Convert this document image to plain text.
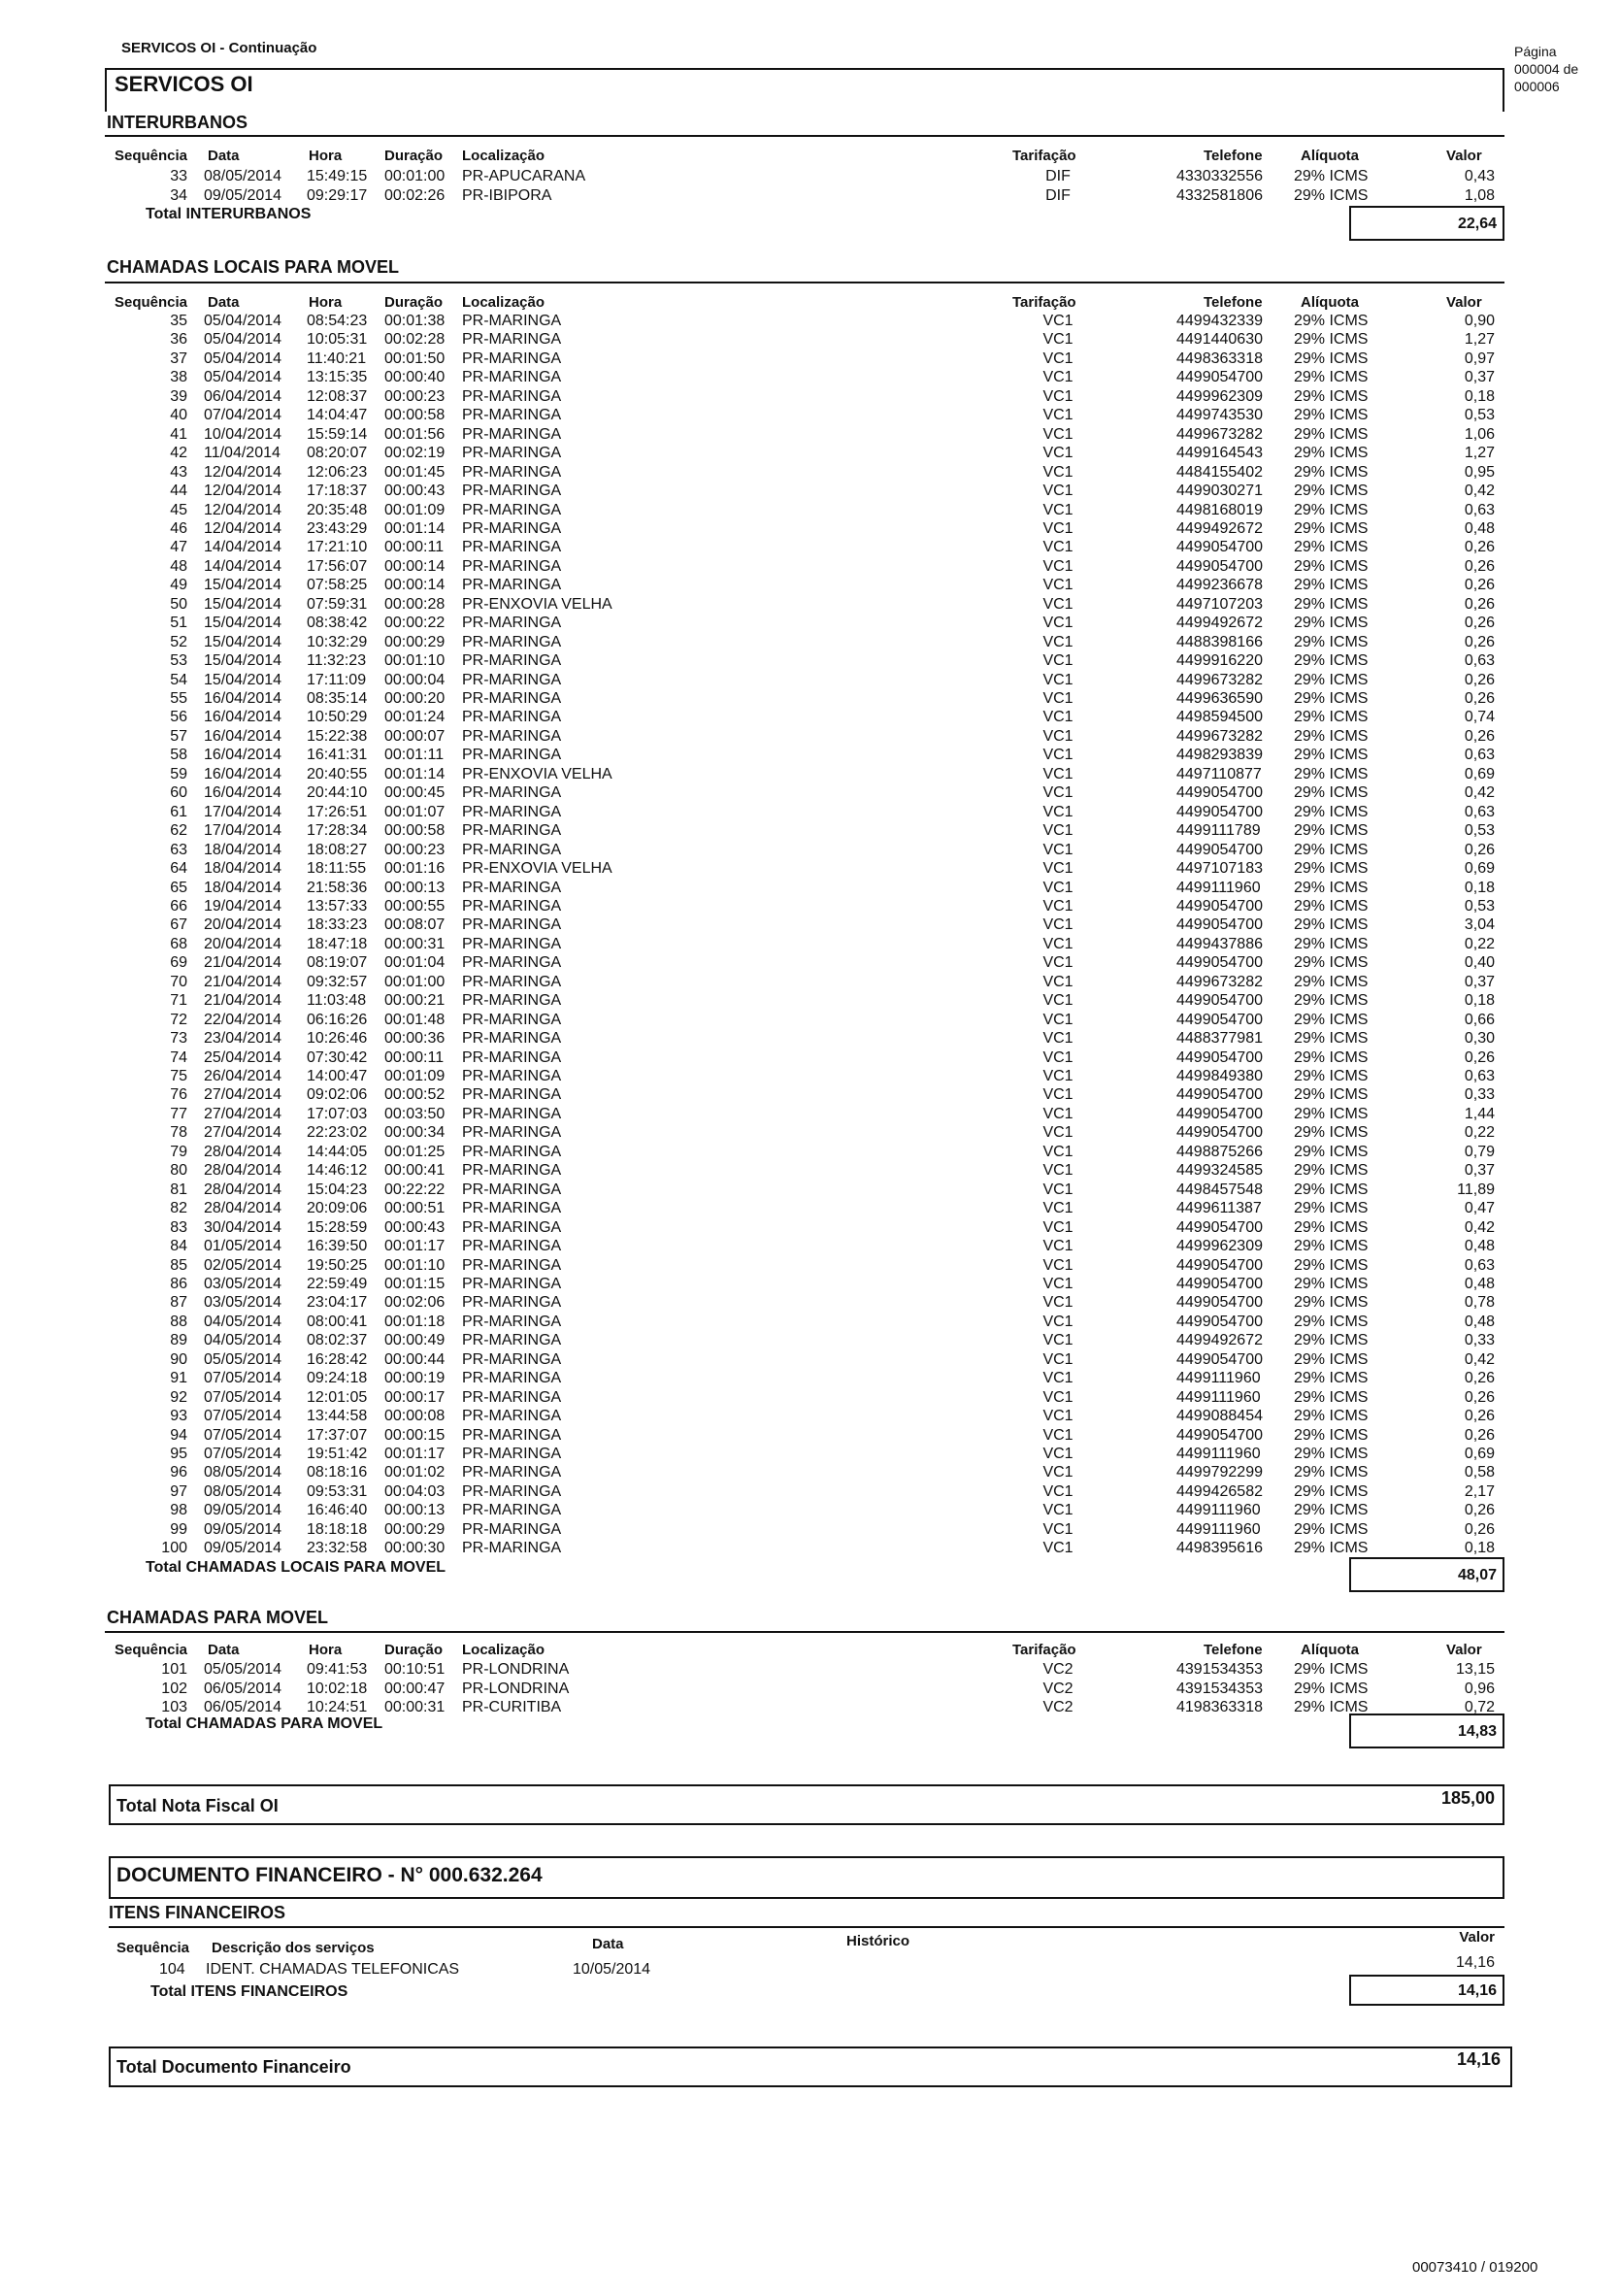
SERVICOS OI - Continuação	Página
000004 de
000006
SERVICOS OI
INTERURBANOS
Sequência Data	Hora	Duração Localização	Tarifação	Telefone	Alíquota	Valor
33 08/05/2014	15:49:15	00:01:00	PR-APUCARANA	DIF	4330332556	29% ICMS	0,43
34 09/05/2014	09:29:17	00:02:26	PR-IBIPORA	DIF	4332581806	29% ICMS	1,08
Total INTERURBANOS
22,64
CHAMADAS LOCAIS PARA MOVEL
Sequência Data	Hora	Duração Localização	Tarifação	Telefone	Alíquota	Valor
35 05/04/2014	08:54:23	00:01:38	PR-MARINGA	VC1	4499432339	29% ICMS	0,90
36 05/04/2014	10:05:31	00:02:28	PR-MARINGA	VC1	4491440630	29% ICMS	1,27
37 05/04/2014	11:40:21	00:01:50	PR-MARINGA	VC1	4498363318	29% ICMS	0,97
38 05/04/2014	13:15:35	00:00:40	PR-MARINGA	VC1	4499054700	29% ICMS	0,37
39 06/04/2014	12:08:37	00:00:23	PR-MARINGA	VC1	4499962309	29% ICMS	0,18
40 07/04/2014	14:04:47	00:00:58	PR-MARINGA	VC1	4499743530	29% ICMS	0,53
41 10/04/2014	15:59:14	00:01:56	PR-MARINGA	VC1	4499673282	29% ICMS	1,06
42 11/04/2014	08:20:07	00:02:19	PR-MARINGA	VC1	4499164543	29% ICMS	1,27
43 12/04/2014	12:06:23	00:01:45	PR-MARINGA	VC1	4484155402	29% ICMS	0,95
44 12/04/2014	17:18:37	00:00:43	PR-MARINGA	VC1	4499030271	29% ICMS	0,42
45 12/04/2014	20:35:48	00:01:09	PR-MARINGA	VC1	4498168019	29% ICMS	0,63
46 12/04/2014	23:43:29	00:01:14	PR-MARINGA	VC1	4499492672	29% ICMS	0,48
47 14/04/2014	17:21:10	00:00:11	PR-MARINGA	VC1	4499054700	29% ICMS	0,26
48 14/04/2014	17:56:07	00:00:14	PR-MARINGA	VC1	4499054700	29% ICMS	0,26
49 15/04/2014	07:58:25	00:00:14	PR-MARINGA	VC1	4499236678	29% ICMS	0,26
50 15/04/2014	07:59:31	00:00:28	PR-ENXOVIA VELHA	VC1	4497107203	29% ICMS	0,26
51 15/04/2014	08:38:42	00:00:22	PR-MARINGA	VC1	4499492672	29% ICMS	0,26
52 15/04/2014	10:32:29	00:00:29	PR-MARINGA	VC1	4488398166	29% ICMS	0,26
53 15/04/2014	11:32:23	00:01:10	PR-MARINGA	VC1	4499916220	29% ICMS	0,63
54 15/04/2014	17:11:09	00:00:04	PR-MARINGA	VC1	4499673282	29% ICMS	0,26
55 16/04/2014	08:35:14	00:00:20	PR-MARINGA	VC1	4499636590	29% ICMS	0,26
56 16/04/2014	10:50:29	00:01:24	PR-MARINGA	VC1	4498594500	29% ICMS	0,74
57 16/04/2014	15:22:38	00:00:07	PR-MARINGA	VC1	4499673282	29% ICMS	0,26
58 16/04/2014	16:41:31	00:01:11	PR-MARINGA	VC1	4498293839	29% ICMS	0,63
59 16/04/2014	20:40:55	00:01:14	PR-ENXOVIA VELHA	VC1	4497110877	29% ICMS	0,69
60 16/04/2014	20:44:10	00:00:45	PR-MARINGA	VC1	4499054700	29% ICMS	0,42
61 17/04/2014	17:26:51	00:01:07	PR-MARINGA	VC1	4499054700	29% ICMS	0,63
62 17/04/2014	17:28:34	00:00:58	PR-MARINGA	VC1	4499111789	29% ICMS	0,53
63 18/04/2014	18:08:27	00:00:23	PR-MARINGA	VC1	4499054700	29% ICMS	0,26
64 18/04/2014	18:11:55	00:01:16	PR-ENXOVIA VELHA	VC1	4497107183	29% ICMS	0,69
65 18/04/2014	21:58:36	00:00:13	PR-MARINGA	VC1	4499111960	29% ICMS	0,18
66 19/04/2014	13:57:33	00:00:55	PR-MARINGA	VC1	4499054700	29% ICMS	0,53
67 20/04/2014	18:33:23	00:08:07	PR-MARINGA	VC1	4499054700	29% ICMS	3,04
68 20/04/2014	18:47:18	00:00:31	PR-MARINGA	VC1	4499437886	29% ICMS	0,22
69 21/04/2014	08:19:07	00:01:04	PR-MARINGA	VC1	4499054700	29% ICMS	0,40
70 21/04/2014	09:32:57	00:01:00	PR-MARINGA	VC1	4499673282	29% ICMS	0,37
71 21/04/2014	11:03:48	00:00:21	PR-MARINGA	VC1	4499054700	29% ICMS	0,18
72 22/04/2014	06:16:26	00:01:48	PR-MARINGA	VC1	4499054700	29% ICMS	0,66
73 23/04/2014	10:26:46	00:00:36	PR-MARINGA	VC1	4488377981	29% ICMS	0,30
74 25/04/2014	07:30:42	00:00:11	PR-MARINGA	VC1	4499054700	29% ICMS	0,26
75 26/04/2014	14:00:47	00:01:09	PR-MARINGA	VC1	4499849380	29% ICMS	0,63
76 27/04/2014	09:02:06	00:00:52	PR-MARINGA	VC1	4499054700	29% ICMS	0,33
77 27/04/2014	17:07:03	00:03:50	PR-MARINGA	VC1	4499054700	29% ICMS	1,44
78 27/04/2014	22:23:02	00:00:34	PR-MARINGA	VC1	4499054700	29% ICMS	0,22
79 28/04/2014	14:44:05	00:01:25	PR-MARINGA	VC1	4498875266	29% ICMS	0,79
80 28/04/2014	14:46:12	00:00:41	PR-MARINGA	VC1	4499324585	29% ICMS	0,37
81 28/04/2014	15:04:23	00:22:22	PR-MARINGA	VC1	4498457548	29% ICMS	11,89
82 28/04/2014	20:09:06	00:00:51	PR-MARINGA	VC1	4499611387	29% ICMS	0,47
83 30/04/2014	15:28:59	00:00:43	PR-MARINGA	VC1	4499054700	29% ICMS	0,42
84 01/05/2014	16:39:50	00:01:17	PR-MARINGA	VC1	4499962309	29% ICMS	0,48
85 02/05/2014	19:50:25	00:01:10	PR-MARINGA	VC1	4499054700	29% ICMS	0,63
86 03/05/2014	22:59:49	00:01:15	PR-MARINGA	VC1	4499054700	29% ICMS	0,48
87 03/05/2014	23:04:17	00:02:06	PR-MARINGA	VC1	4499054700	29% ICMS	0,78
88 04/05/2014	08:00:41	00:01:18	PR-MARINGA	VC1	4499054700	29% ICMS	0,48
89 04/05/2014	08:02:37	00:00:49	PR-MARINGA	VC1	4499492672	29% ICMS	0,33
90 05/05/2014	16:28:42	00:00:44	PR-MARINGA	VC1	4499054700	29% ICMS	0,42
91 07/05/2014	09:24:18	00:00:19	PR-MARINGA	VC1	4499111960	29% ICMS	0,26
92 07/05/2014	12:01:05	00:00:17	PR-MARINGA	VC1	4499111960	29% ICMS	0,26
93 07/05/2014	13:44:58	00:00:08	PR-MARINGA	VC1	4499088454	29% ICMS	0,26
94 07/05/2014	17:37:07	00:00:15	PR-MARINGA	VC1	4499054700	29% ICMS	0,26
95 07/05/2014	19:51:42	00:01:17	PR-MARINGA	VC1	4499111960	29% ICMS	0,69
96 08/05/2014	08:18:16	00:01:02	PR-MARINGA	VC1	4499792299	29% ICMS	0,58
97 08/05/2014	09:53:31	00:04:03	PR-MARINGA	VC1	4499426582	29% ICMS	2,17
98 09/05/2014	16:46:40	00:00:13	PR-MARINGA	VC1	4499111960	29% ICMS	0,26
99 09/05/2014	18:18:18	00:00:29	PR-MARINGA	VC1	4499111960	29% ICMS	0,26
100 09/05/2014	23:32:58	00:00:30	PR-MARINGA	VC1	4498395616	29% ICMS	0,18
Total CHAMADAS LOCAIS PARA MOVEL	48,07
CHAMADAS PARA MOVEL
Sequência Data	Hora	Duração Localização	Tarifação	Telefone	Alíquota	Valor
101 05/05/2014	09:41:53	00:10:51	PR-LONDRINA	VC2	4391534353	29% ICMS	13,15
102 06/05/2014	10:02:18	00:00:47	PR-LONDRINA	VC2	4391534353	29% ICMS	0,96
103 06/05/2014	10:24:51	00:00:31	PR-CURITIBA	VC2	4198363318	29% ICMS	0,72
Total CHAMADAS PARA MOVEL	14,83
Total Nota Fiscal OI	185,00
DOCUMENTO FINANCEIRO - N° 000.632.264
ITENS FINANCEIROS
Sequência Descrição dos serviços	Data	Histórico	Valor
104 IDENT. CHAMADAS TELEFONICAS	10/05/2014	14,16
Total ITENS FINANCEIROS	14,16
Total Documento Financeiro	14,16
00073410 / 019200
